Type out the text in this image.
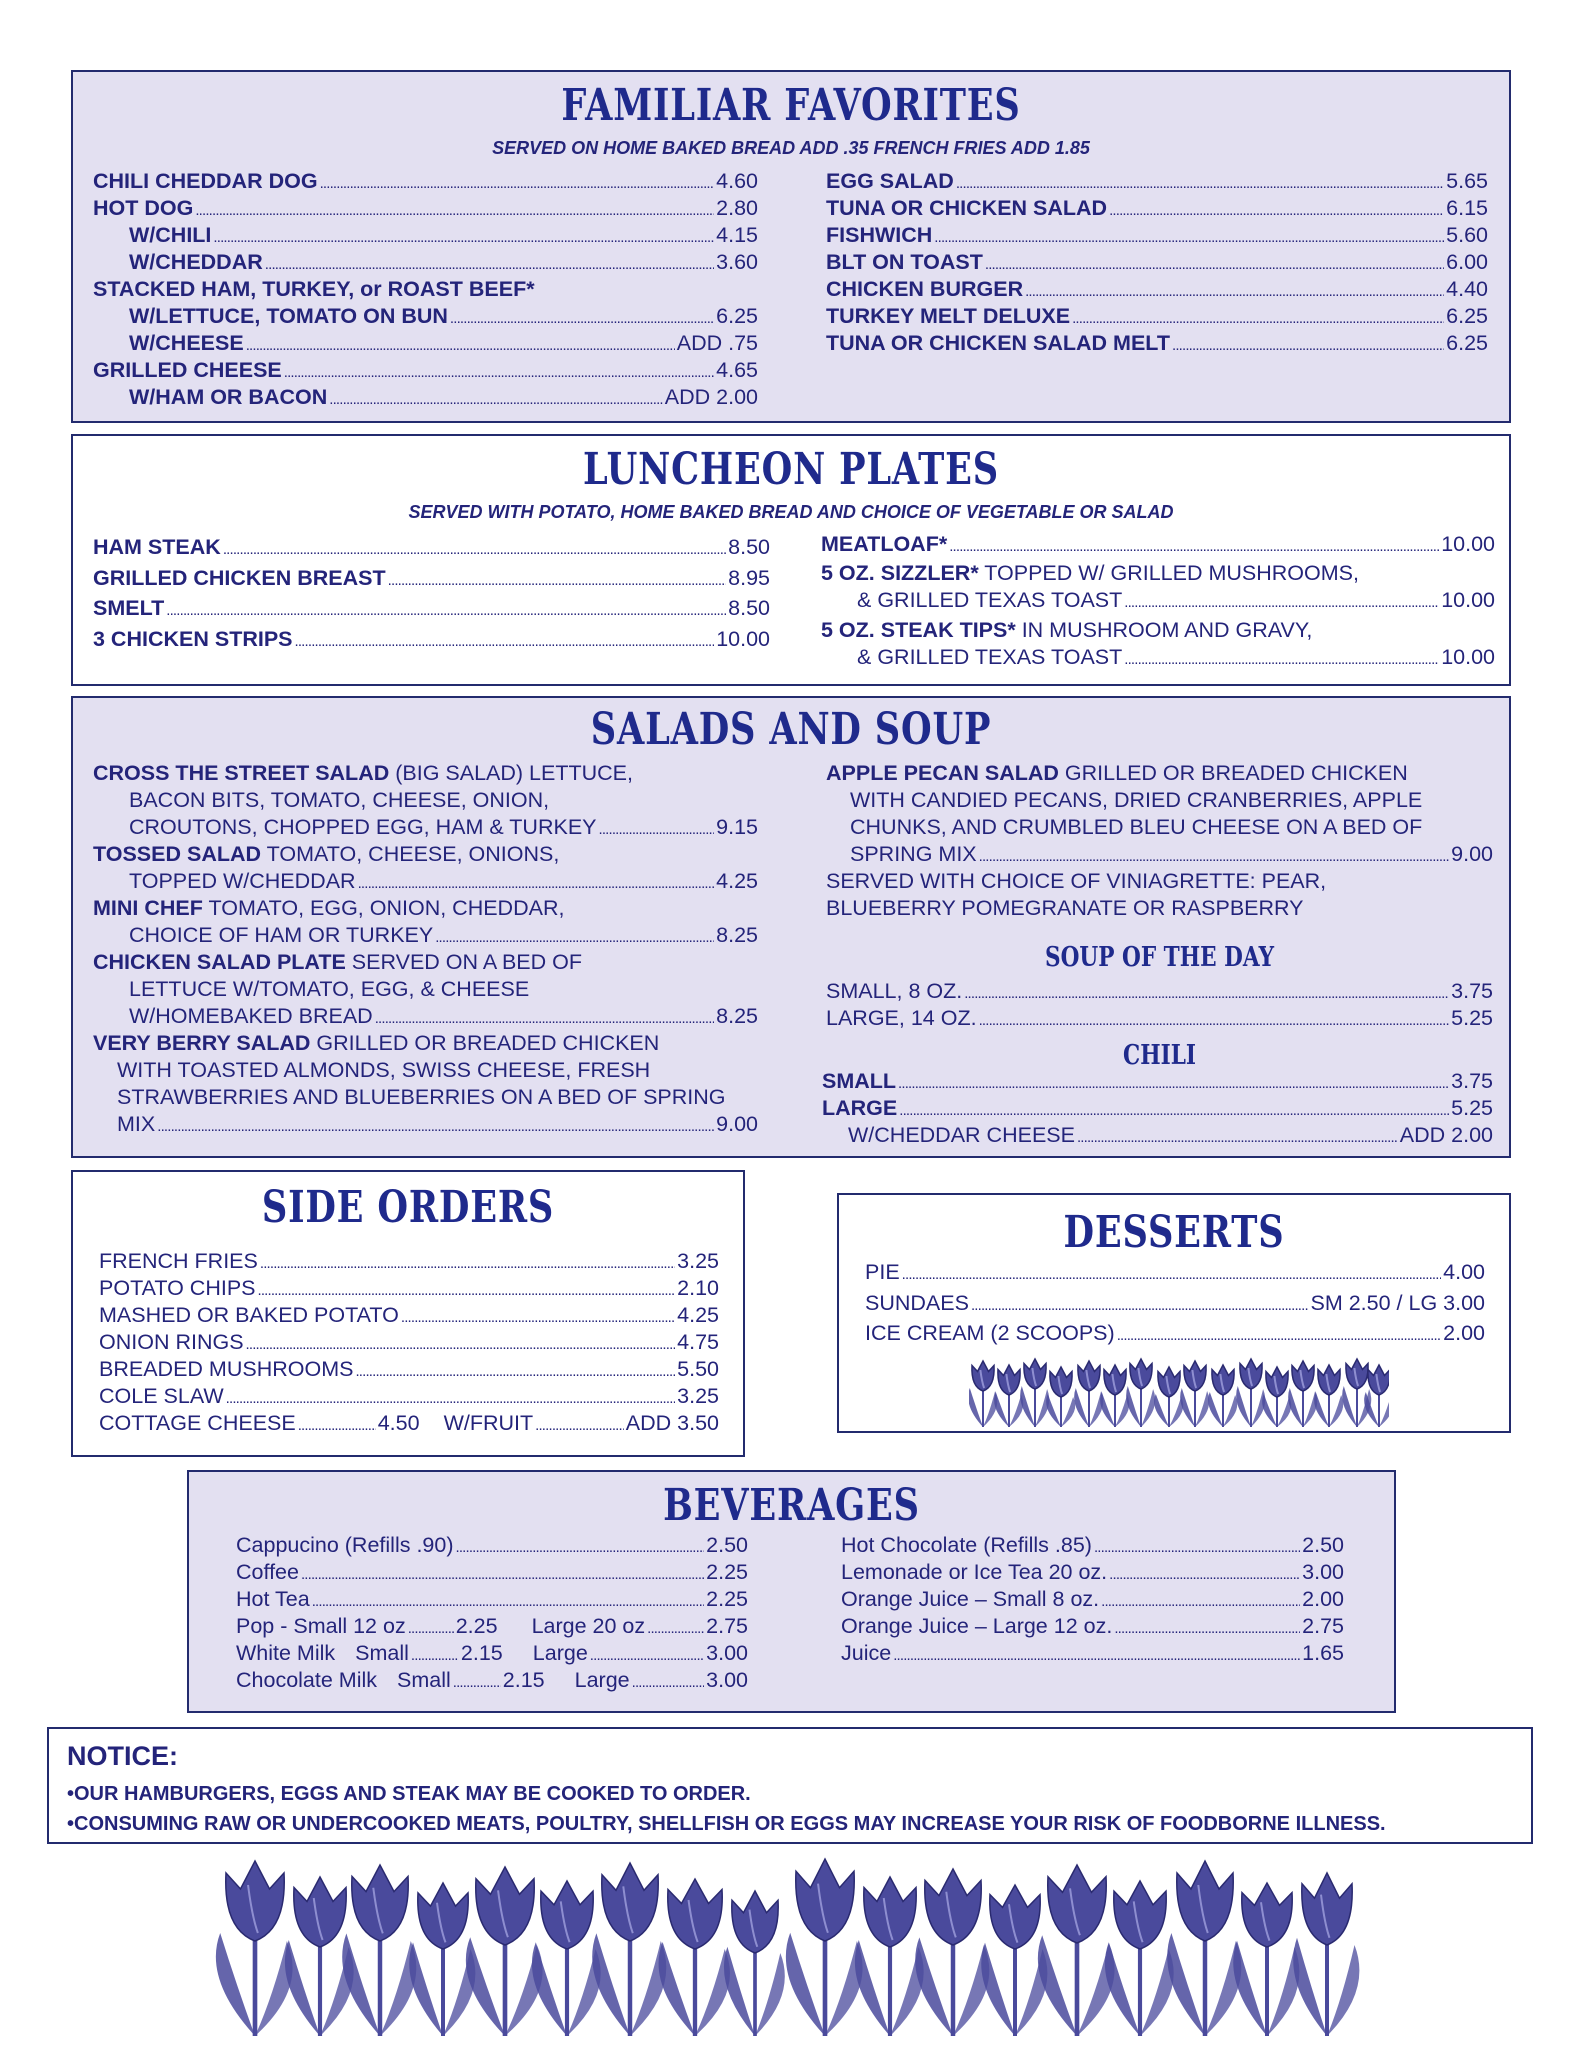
FAMILIAR FAVORITES
SERVED ON HOME BAKED BREAD ADD .35 FRENCH FRIES ADD 1.85
CHILI CHEDDAR DOG . . .	4.60
HOT DOG . . .	2.80
W/CHILI . . .	4.15
W/CHEDDAR . . .	3.60
STACKED HAM, TURKEY, or ROAST BEEF*
W/LETTUCE, TOMATO ON BUN . . .	6.25
W/CHEESE . . .	ADD .75
GRILLED CHEESE . . .	4.65
W/HAM OR BACON . . .	ADD 2.00
EGG SALAD . . .	5.65
TUNA OR CHICKEN SALAD . . .	6.15
FISHWICH . . .	5.60
BLT ON TOAST . . .	6.00
CHICKEN BURGER . . .	4.40
TURKEY MELT DELUXE . . .	6.25
TUNA OR CHICKEN SALAD MELT . . .	6.25
LUNCHEON PLATES
SERVED WITH POTATO, HOME BAKED BREAD AND CHOICE OF VEGETABLE OR SALAD
HAM STEAK . . .	8.50
GRILLED CHICKEN BREAST . . .	8.95
SMELT . . .	8.50
3 CHICKEN STRIPS . . .	10.00
MEATLOAF* . . .	10.00
5 OZ. SIZZLER* TOPPED W/ GRILLED MUSHROOMS,
& GRILLED TEXAS TOAST . . .	10.00
5 OZ. STEAK TIPS* IN MUSHROOM AND GRAVY,
& GRILLED TEXAS TOAST . . .	10.00
SALADS AND SOUP
CROSS THE STREET SALAD (BIG SALAD) LETTUCE,
BACON BITS, TOMATO, CHEESE, ONION,
CROUTONS, CHOPPED EGG, HAM & TURKEY . . .	9.15
TOSSED SALAD TOMATO, CHEESE, ONIONS,
TOPPED W/CHEDDAR . . .	4.25
MINI CHEF TOMATO, EGG, ONION, CHEDDAR,
CHOICE OF HAM OR TURKEY . . .	8.25
CHICKEN SALAD PLATE SERVED ON A BED OF
LETTUCE W/TOMATO, EGG, & CHEESE
W/HOMEBAKED BREAD . . .	8.25
VERY BERRY SALAD GRILLED OR BREADED CHICKEN
WITH TOASTED ALMONDS, SWISS CHEESE, FRESH
STRAWBERRIES AND BLUEBERRIES ON A BED OF SPRING
MIX . . .	9.00
APPLE PECAN SALAD GRILLED OR BREADED CHICKEN
WITH CANDIED PECANS, DRIED CRANBERRIES, APPLE
CHUNKS, AND CRUMBLED BLEU CHEESE ON A BED OF
SPRING MIX . . .	9.00
SERVED WITH CHOICE OF VINIAGRETTE: PEAR,
BLUEBERRY POMEGRANATE OR RASPBERRY
SOUP OF THE DAY
SMALL, 8 OZ. . . .	3.75
LARGE, 14 OZ. . . .	5.25
CHILI
SMALL . . .	3.75
LARGE . . .	5.25
W/CHEDDAR CHEESE . . .	ADD 2.00
SIDE ORDERS
FRENCH FRIES . . .	3.25
POTATO CHIPS . . .	2.10
MASHED OR BAKED POTATO . . .	4.25
ONION RINGS . . .	4.75
BREADED MUSHROOMS . . .	5.50
COLE SLAW . . .	3.25
COTTAGE CHEESE . . .	4.50 W/FRUIT . . .	ADD 3.50
DESSERTS
PIE . . .	4.00
SUNDAES . . .	SM 2.50 / LG 3.00
ICE CREAM (2 SCOOPS) . . .	2.00
BEVERAGES
Cappucino (Refills .90) . . .	2.50
Coffee . . .	2.25
Hot Tea . . .	2.25
Pop - Small 12 oz . . . 2.25 Large 20 oz . . .	2.75
White Milk Small . . . 2.15 Large . . .	3.00
Chocolate Milk Small . . . 2.15 Large . . .	3.00
Hot Chocolate (Refills .85) . . .	2.50
Lemonade or Ice Tea 20 oz. . . .	3.00
Orange Juice – Small 8 oz. . . .	2.00
Orange Juice – Large 12 oz. . . .	2.75
Juice . . .	1.65
NOTICE:
•OUR HAMBURGERS, EGGS AND STEAK MAY BE COOKED TO ORDER.
•CONSUMING RAW OR UNDERCOOKED MEATS, POULTRY, SHELLFISH OR EGGS MAY INCREASE YOUR RISK OF FOODBORNE ILLNESS.
